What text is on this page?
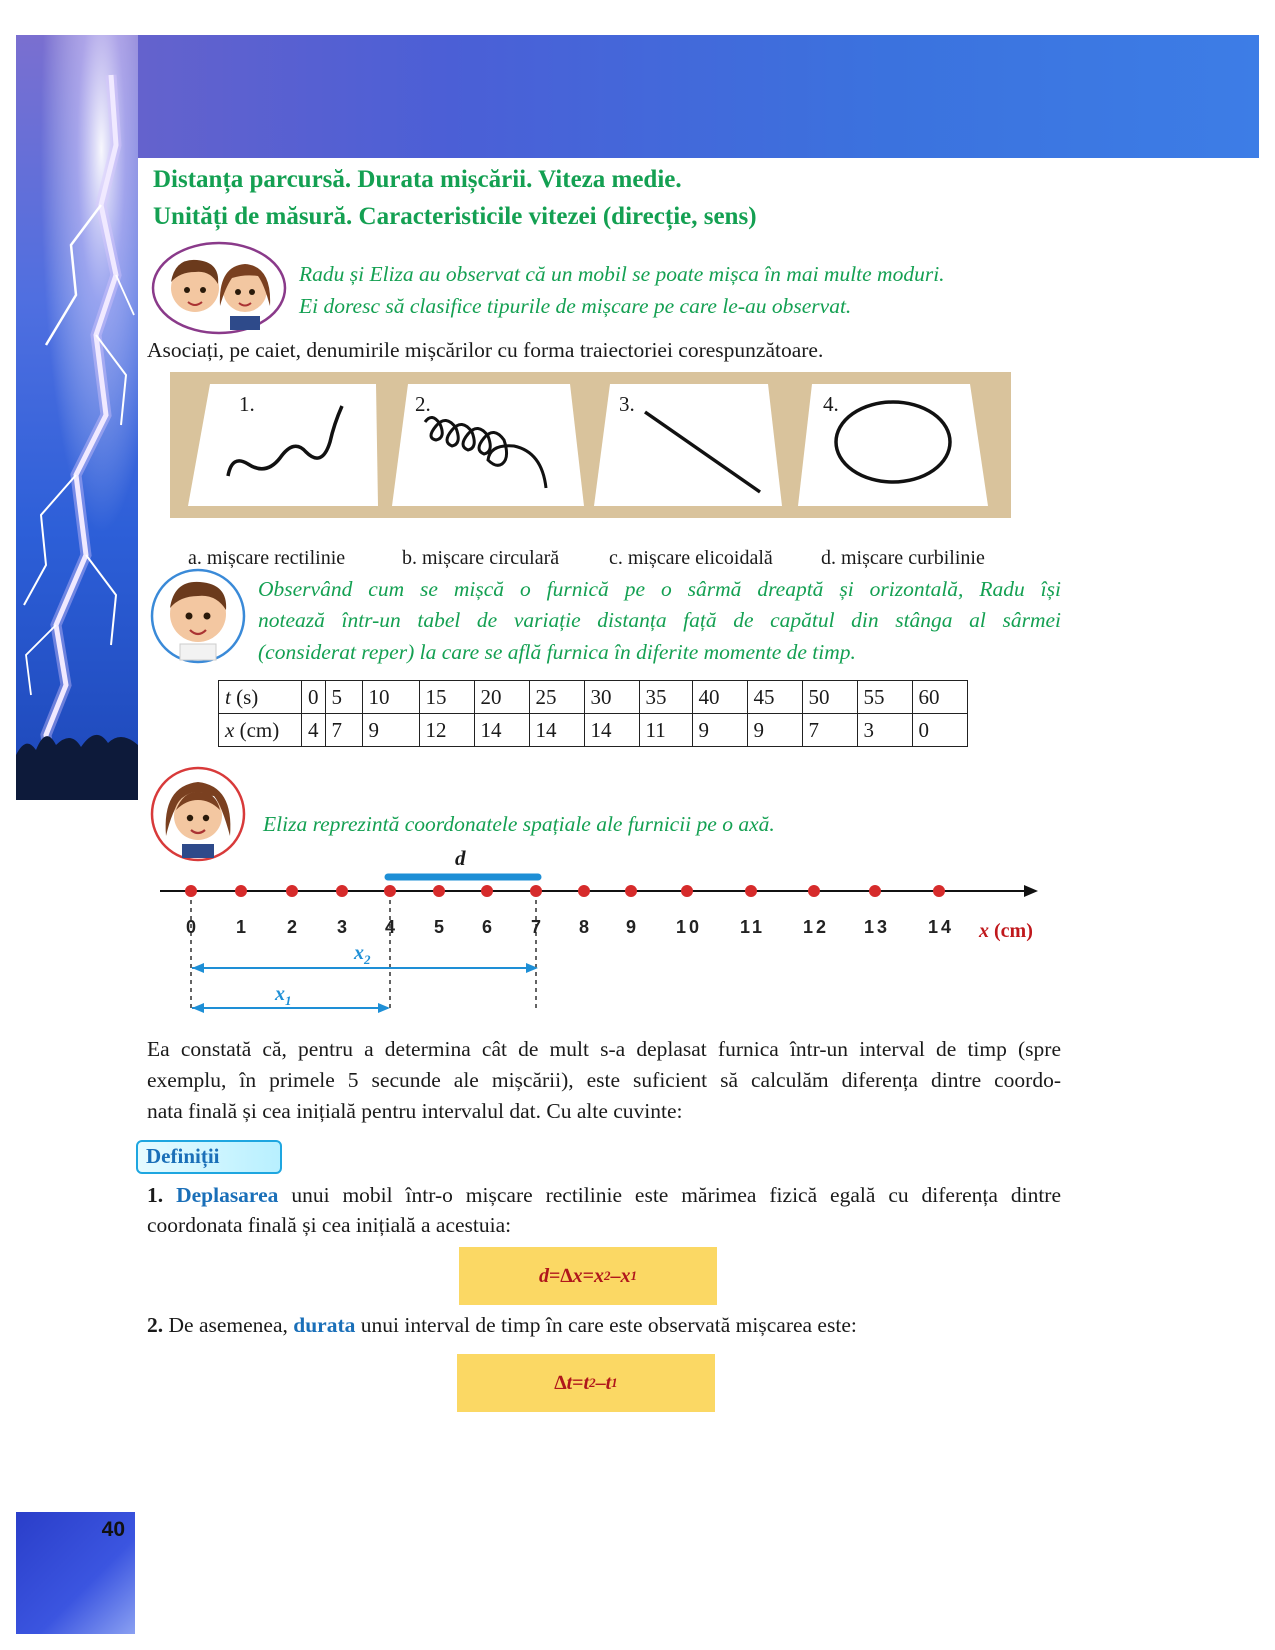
Distanța parcursă. Durata mișcării. Viteza medie.
Unități de măsură. Caracteristicile vitezei (direcție, sens)
Radu și Eliza au observat că un mobil se poate mișca în mai multe moduri.
Ei doresc să clasifice tipurile de mișcare pe care le-au observat.
Asociați, pe caiet, denumirile mișcărilor cu forma traiectoriei corespunzătoare.
1.	2.	3.	4.
a. mișcare rectilinie	b. mișcare circulară c. mișcare elicoidală d. mișcare curbilinie
Observând cum se mișcă o furnică pe o sârmă dreaptă și orizontală, Radu își
notează într-un tabel de variație distanța față de capătul din stânga al sârmei
(considerat reper) la care se află furnica în diferite momente de timp.
t (s)	0	5	10	15	20	25	30	35	40	45	50	55	60
x (cm)	4	7	9	12	14	14	14	11	9	9	7	3	0
Eliza reprezintă coordonatele spațiale ale furnicii pe o axă.
d
0 1 2 3 4 5 6 7 8 9 10 11 12 13 14 x (cm)
$x_2$
$x_1$
Ea constată că, pentru a determina cât de mult s-a deplasat furnica într-un interval de timp (spre
exemplu, în primele 5 secunde ale mișcării), este suficient să calculăm diferența dintre coordo-
nata finală și cea inițială pentru intervalul dat. Cu alte cuvinte:
Definiții
1. Deplasarea unui mobil într-o mișcare rectilinie este mărimea fizică egală cu diferența dintre
coordonata finală și cea inițială a acestuia:
d = ∆ x = x 2 – x 1
2. De asemenea, durata unui interval de timp în care este observată mișcarea este:
∆ t = t 2 – t 1
40
